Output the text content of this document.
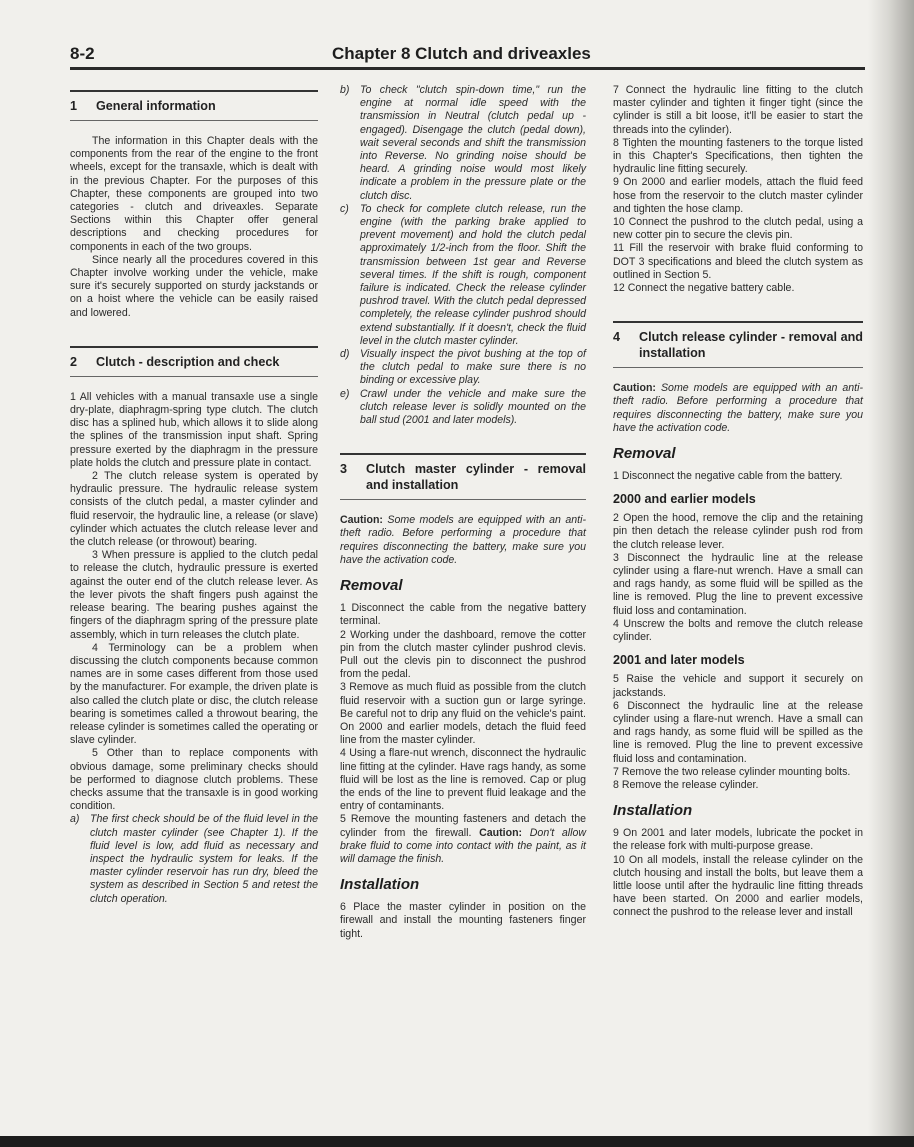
8-2	Chapter 8 Clutch and driveaxles
1	General information

The information in this Chapter deals with the components from the rear of the engine to the front wheels, except for the transaxle, which is dealt with in the previous Chapter. For the purposes of this Chapter, these components are grouped into two categories - clutch and driveaxles. Separate Sections within this Chapter offer general descriptions and checking procedures for components in each of the two groups.

Since nearly all the procedures covered in this Chapter involve working under the vehicle, make sure it's securely supported on sturdy jackstands or on a hoist where the vehicle can be easily raised and lowered.

2	Clutch - description and check

1 All vehicles with a manual transaxle use a single dry-plate, diaphragm-spring type clutch. The clutch disc has a splined hub, which allows it to slide along the splines of the transmission input shaft. Spring pressure exerted by the diaphragm in the pressure plate holds the clutch and pressure plate in contact.

2 The clutch release system is operated by hydraulic pressure. The hydraulic release system consists of the clutch pedal, a master cylinder and fluid reservoir, the hydraulic line, a release (or slave) cylinder which actuates the clutch release lever and the clutch release (or throwout) bearing.

3 When pressure is applied to the clutch pedal to release the clutch, hydraulic pressure is exerted against the outer end of the clutch release lever. As the lever pivots the shaft fingers push against the release bearing. The bearing pushes against the fingers of the diaphragm spring of the pressure plate assembly, which in turn releases the clutch plate.

4 Terminology can be a problem when discussing the clutch components because common names are in some cases different from those used by the manufacturer. For example, the driven plate is also called the clutch plate or disc, the clutch release bearing is sometimes called a throwout bearing, the release cylinder is sometimes called the operating or slave cylinder.

5 Other than to replace components with obvious damage, some preliminary checks should be performed to diagnose clutch problems. These checks assume that the transaxle is in good working condition.

a) The first check should be of the fluid level in the clutch master cylinder (see Chapter 1). If the fluid level is low, add fluid as necessary and inspect the hydraulic system for leaks. If the master cylinder reservoir has run dry, bleed the system as described in Section 5 and retest the clutch operation.
b) To check "clutch spin-down time," run the engine at normal idle speed with the transmission in Neutral (clutch pedal up - engaged). Disengage the clutch (pedal down), wait several seconds and shift the transmission into Reverse. No grinding noise should be heard. A grinding noise would most likely indicate a problem in the pressure plate or the clutch disc.
c)	To check for complete clutch release, run the engine (with the parking brake applied to prevent movement) and hold the clutch pedal approximately 1/2-inch from the floor. Shift the transmission between 1st gear and Reverse several times. If the shift is rough, component failure is indicated. Check the release cylinder pushrod travel. With the clutch pedal depressed completely, the release cylinder pushrod should extend substantially. If it doesn't, check the fluid level in the clutch master cylinder.
d) Visually inspect the pivot bushing at the top of the clutch pedal to make sure there is no binding or excessive play.
e) Crawl under the vehicle and make sure the clutch release lever is solidly mounted on the ball stud (2001 and later models).
3	Clutch master cylinder - removal and installation

Caution: Some models are equipped with an anti-theft radio. Before performing a procedure that requires disconnecting the battery, make sure you have the activation code.

Removal

1 Disconnect the cable from the negative battery terminal.

2 Working under the dashboard, remove the cotter pin from the clutch master cylinder pushrod clevis. Pull out the clevis pin to disconnect the pushrod from the pedal.

3 Remove as much fluid as possible from the clutch fluid reservoir with a suction gun or large syringe. Be careful not to drip any fluid on the vehicle's paint. On 2000 and earlier models, detach the fluid feed line from the master cylinder.

4 Using a flare-nut wrench, disconnect the hydraulic line fitting at the cylinder. Have rags handy, as some fluid will be lost as the line is removed. Cap or plug the ends of the line to prevent fluid leakage and the entry of contaminants.

5 Remove the mounting fasteners and detach the cylinder from the firewall. Caution: Don't allow brake fluid to come into contact with the paint, as it will damage the finish.

Installation

6 Place the master cylinder in position on the firewall and install the mounting fasteners finger tight.

7 Connect the hydraulic line fitting to the clutch master cylinder and tighten it finger tight (since the cylinder is still a bit loose, it'll be easier to start the threads into the cylinder).

8 Tighten the mounting fasteners to the torque listed in this Chapter's Specifications, then tighten the hydraulic line fitting securely.

9 On 2000 and earlier models, attach the fluid feed hose from the reservoir to the clutch master cylinder and tighten the hose clamp.

10 Connect the pushrod to the clutch pedal, using a new cotter pin to secure the clevis pin.

11 Fill the reservoir with brake fluid conforming to DOT 3 specifications and bleed the clutch system as outlined in Section 5.

12 Connect the negative battery cable.

4	Clutch release cylinder - removal and installation

Caution: Some models are equipped with an anti-theft radio. Before performing a procedure that requires disconnecting the battery, make sure you have the activation code.

Removal

1 Disconnect the negative cable from the battery.

2000 and earlier models

2 Open the hood, remove the clip and the retaining pin then detach the release cylinder push rod from the clutch release lever.

3 Disconnect the hydraulic line at the release cylinder using a flare-nut wrench. Have a small can and rags handy, as some fluid will be spilled as the line is removed. Plug the line to prevent excessive fluid loss and contamination.

4 Unscrew the bolts and remove the clutch release cylinder.

2001 and later models

5 Raise the vehicle and support it securely on jackstands.

6 Disconnect the hydraulic line at the release cylinder using a flare-nut wrench. Have a small can and rags handy, as some fluid will be spilled as the line is removed. Plug the line to prevent excessive fluid loss and contamination.

7 Remove the two release cylinder mounting bolts.

8 Remove the release cylinder.

Installation

9 On 2001 and later models, lubricate the pocket in the release fork with multi-purpose grease.

10 On all models, install the release cylinder on the clutch housing and install the bolts, but leave them a little loose until after the hydraulic line fitting threads have been started. On 2000 and earlier models, connect the pushrod to the release lever and install
